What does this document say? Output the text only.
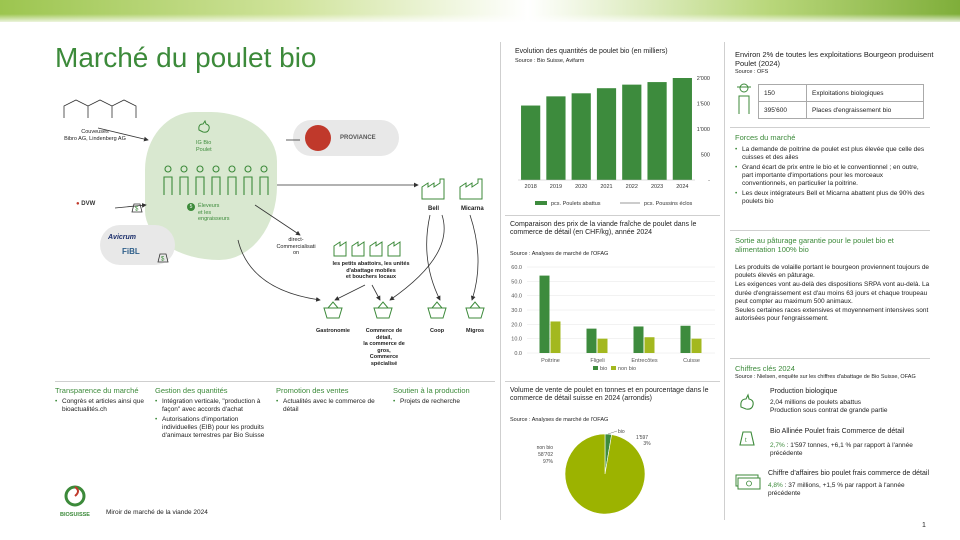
Marché du poulet bio
Couveuses
Bibro AG, Lindenberg AG
IG Bio
Poulet
5	Éleveurs
et les
engraisseurs
PROVIANCE
● DVW
Avicrum
FiBL
$
$
Bell	Micarna
direct-
Commercialisati
on
les petits abattoirs, les unités
d'abattage mobiles
et bouchers locaux
Gastronomie	Commerce de détail,
la commerce de gros,
Commerce spécialisé
Coop	Migros
Transparence du marché
• Congrès et articles ainsi que bioactualités.ch
Gestion des quantités
• Intégration verticale, "production à façon" avec accords d'achat
• Autorisations d'importation individuelles (EIB) pour les produits d'animaux terrestres par Bio Suisse
Promotion des ventes
• Actualités avec le commerce de détail
Soutien à la production
• Projets de recherche
BIOSUISSE	Miroir de marché de la viande 2024
1
Evolution des quantités de poulet bio (en milliers)
Source : Bio Suisse, Avifarm
2'000
1'500
1'000
500
-
2018 2019 2020 2021 2022 2023 2024
pcs. Poulets abattus	pcs. Poussins éclos
Comparaison des prix de la viande fraîche de poulet dans le commerce de détail (en CHF/kg), année 2024
Source : Analyses de marché de l'OFAG
60.0
50.0
40.0
30.0
20.0
10.0
0.0
Poitrine	Fligeli	Entrecôtes	Cuisse
bio non bio
Volume de vente de poulet en tonnes et en pourcentage dans le commerce de détail suisse en 2024 (arrondis)
Source : Analyses de marché de l'OFAG
bio
1'597
3%
non bio
58'702
97%
Environ 2% de toutes les exploitations Bourgeon produisent Poulet (2024)
Source : OFS
150	Exploitations biologiques
395'600	Places d'engraissement bio
Forces du marché
• La demande de poitrine de poulet est plus élevée que celle des cuisses et des ailes
• Grand écart de prix entre le bio et le conventionnel ; en outre, part importante d'importations pour les morceaux conventionnels, en particulier la poitrine.
• Les deux intégrateurs Bell et Micarna abattent plus de 90% des poulets bio
Sortie au pâturage garantie pour le poulet bio et alimentation 100% bio

Les produits de volaille portant le bourgeon proviennent toujours de poulets élevés en pâturage.

Les exigences vont au-delà des dispositions SRPA vont au-delà. La durée d'engraissement est d'au moins 63 jours et chaque troupeau peut compter au maximum 500 animaux.

Seules certaines races extensives et moyennement intensives sont autorisées pour l'engraissement.

Chiffres clés 2024
Source : Nielsen, enquête sur les chiffres d'abattage de Bio Suisse, OFAG
Production biologique
2,04 millions de poulets abattus
Production sous contrat de grande partie
t
Bio Allinée Poulet frais Commerce de détail
2,7% : 1'597 tonnes, +6,1 % par rapport à l'année précédente
Chiffre d'affaires bio poulet frais commerce de détail
4,8% : 37 millions, +1,5 % par rapport à l'année précédente
